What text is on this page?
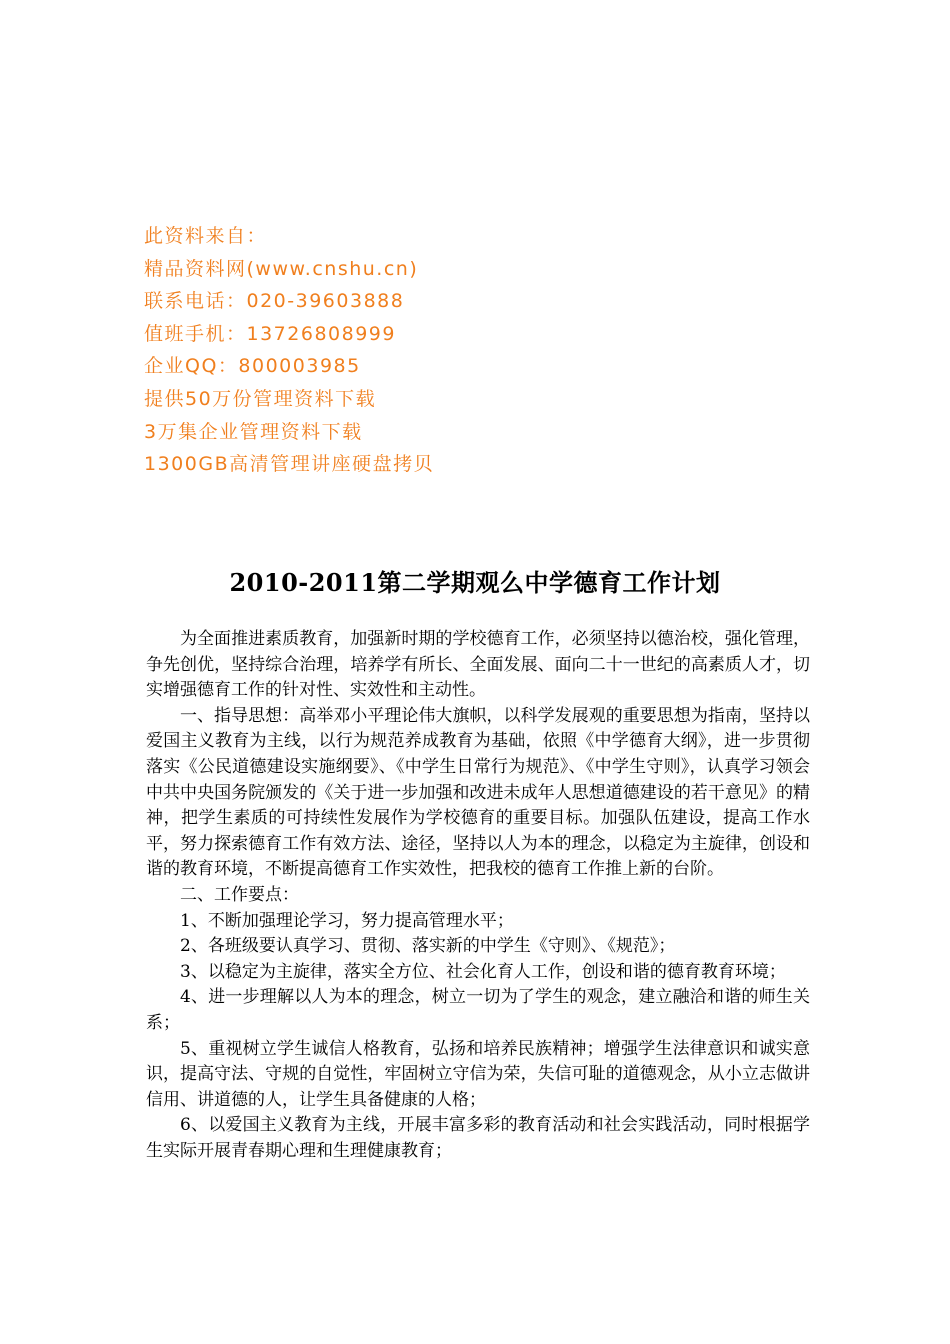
此资料来自：
精品资料网(www.cnshu.cn)
联系电话：020-39603888
值班手机：13726808999
企业QQ：800003985
提供50万份管理资料下载
3万集企业管理资料下载
1300GB高清管理讲座硬盘拷贝
2010-2011第二学期观么中学德育工作计划

为全面推进素质教育，加强新时期的学校德育工作，必须坚持以德治校，强化管理，争先创优，坚持综合治理，培养学有所长、全面发展、面向二十一世纪的高素质人才，切实增强德育工作的针对性、实效性和主动性。

一、指导思想：高举邓小平理论伟大旗帜，以科学发展观的重要思想为指南，坚持以爱国主义教育为主线，以行为规范养成教育为基础，依照《中学德育大纲》，进一步贯彻落实《公民道德建设实施纲要》、《中学生日常行为规范》、《中学生守则》，认真学习领会中共中央国务院颁发的《关于进一步加强和改进未成年人思想道德建设的若干意见》的精神，把学生素质的可持续性发展作为学校德育的重要目标。加强队伍建设，提高工作水平，努力探索德育工作有效方法、途径，坚持以人为本的理念，以稳定为主旋律，创设和谐的教育环境，不断提高德育工作实效性，把我校的德育工作推上新的台阶。

二、工作要点：

1、不断加强理论学习，努力提高管理水平；

2、各班级要认真学习、贯彻、落实新的中学生《守则》、《规范》；

3、以稳定为主旋律，落实全方位、社会化育人工作，创设和谐的德育教育环境；

4、进一步理解以人为本的理念，树立一切为了学生的观念，建立融洽和谐的师生关系；

5、重视树立学生诚信人格教育，弘扬和培养民族精神；增强学生法律意识和诚实意识，提高守法、守规的自觉性，牢固树立守信为荣，失信可耻的道德观念，从小立志做讲信用、讲道德的人，让学生具备健康的人格；

6、以爱国主义教育为主线，开展丰富多彩的教育活动和社会实践活动，同时根据学生实际开展青春期心理和生理健康教育；
